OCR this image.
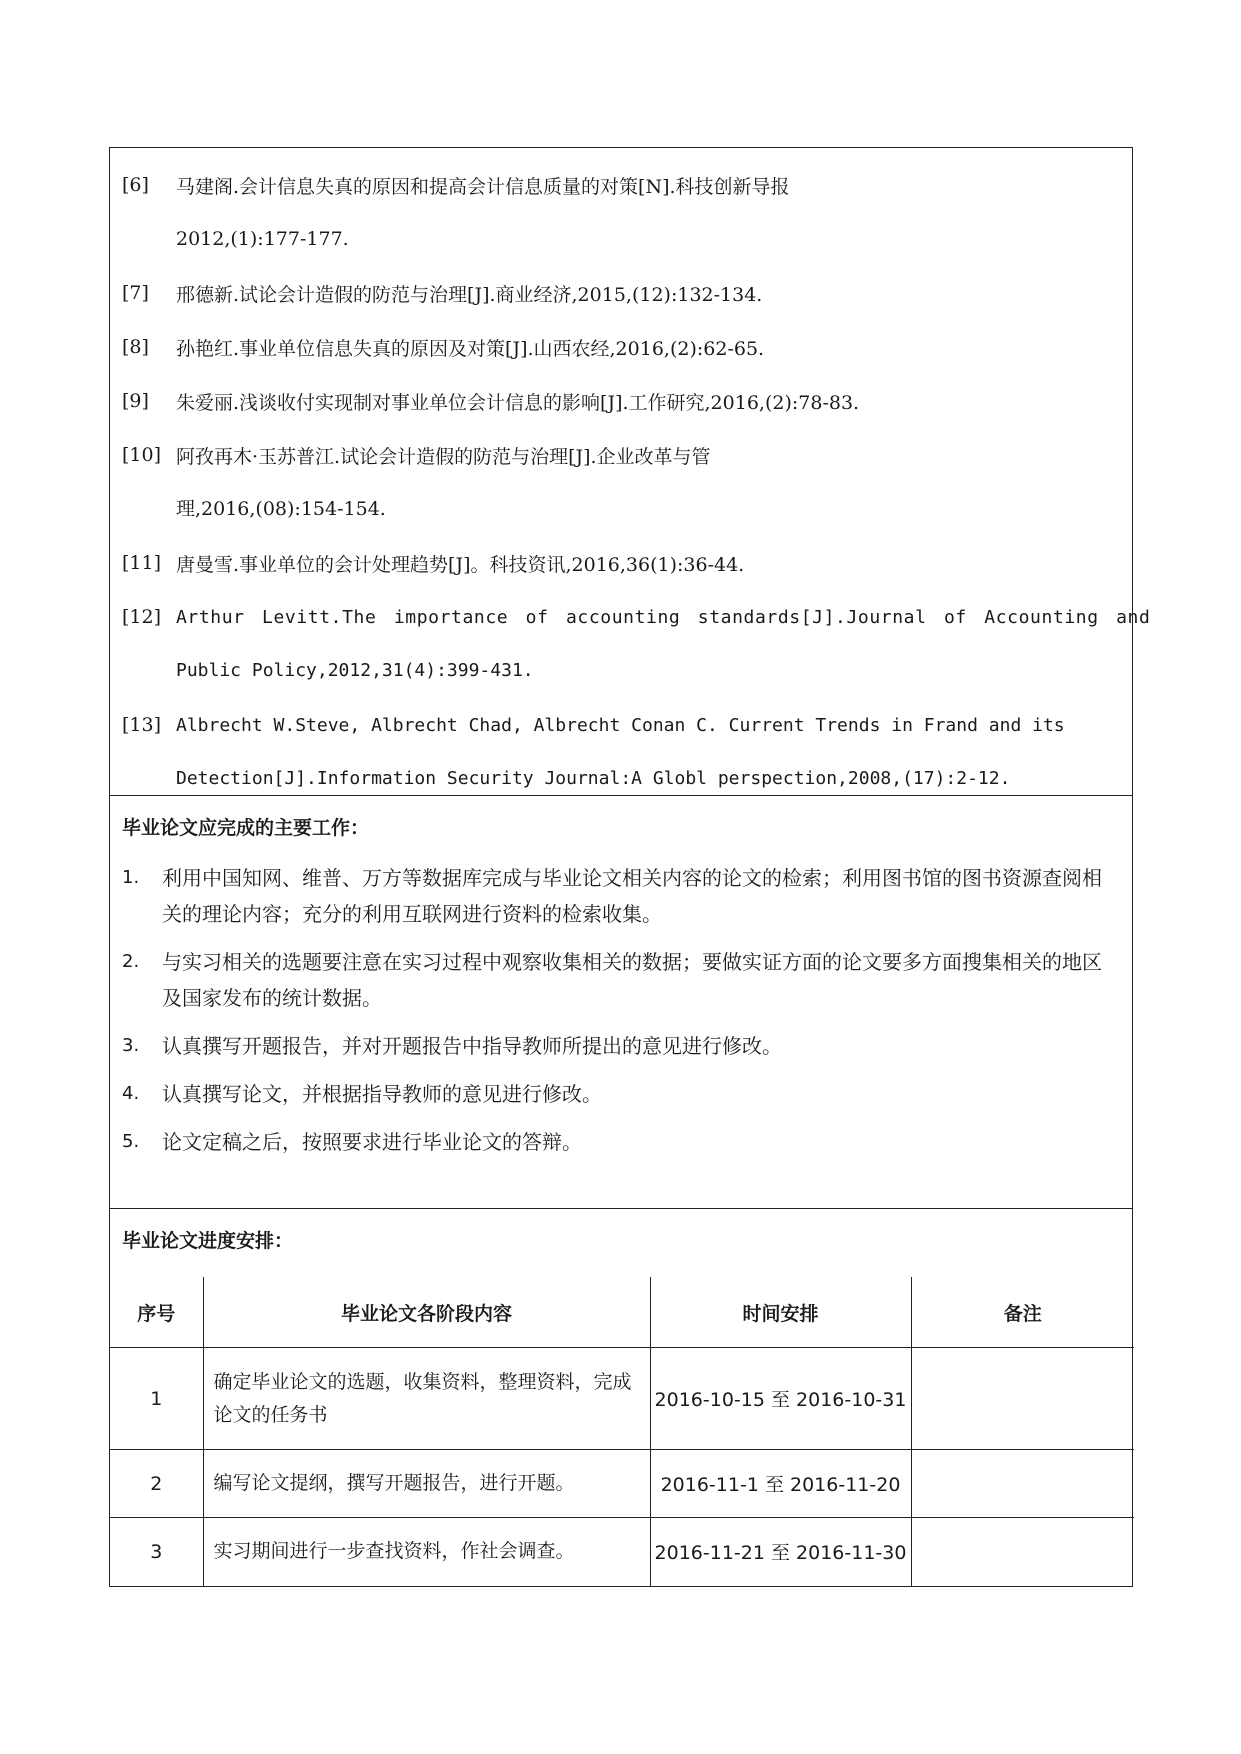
[6]	马建阁.会计信息失真的原因和提高会计信息质量的对策[N].科技创新导报
2012,(1):177-177.
[7]	邢德新.试论会计造假的防范与治理[J].商业经济,2015,(12):132-134.
[8]	孙艳红.事业单位信息失真的原因及对策[J].山西农经,2016,(2):62-65.
[9]	朱爱丽.浅谈收付实现制对事业单位会计信息的影响[J].工作研究,2016,(2):78-83.
[10] 阿孜再木·玉苏普江.试论会计造假的防范与治理[J].企业改革与管
理,2016,(08):154-154.
[11] 唐曼雪.事业单位的会计处理趋势[J]。科技资讯,2016,36(1):36-44.
[12] Arthur Levitt.The importance of accounting standards[J].Journal of Accounting and
Public Policy,2012,31(4):399-431.
[13] Albrecht W.Steve, Albrecht Chad, Albrecht Conan C. Current Trends in Frand and its
Detection[J].Information Security Journal:A Globl perspection,2008,(17):2-12.
毕业论文应完成的主要工作：
1.	利用中国知网、维普、万方等数据库完成与毕业论文相关内容的论文的检索；利用图书馆的图书资源查阅相关的理论内容；充分的利用互联网进行资料的检索收集。
2.	与实习相关的选题要注意在实习过程中观察收集相关的数据；要做实证方面的论文要多方面搜集相关的地区及国家发布的统计数据。
3.	认真撰写开题报告，并对开题报告中指导教师所提出的意见进行修改。
4.	认真撰写论文，并根据指导教师的意见进行修改。
5.	论文定稿之后，按照要求进行毕业论文的答辩。
毕业论文进度安排：
序号	毕业论文各阶段内容	时间安排	备注
1	确定毕业论文的选题，收集资料，整理资料，完成论文的任务书	2016-10-15 至 2016-10-31	
2	编写论文提纲，撰写开题报告，进行开题。	2016-11-1 至 2016-11-20	
3	实习期间进行一步查找资料，作社会调查。	2016-11-21 至 2016-11-30	
